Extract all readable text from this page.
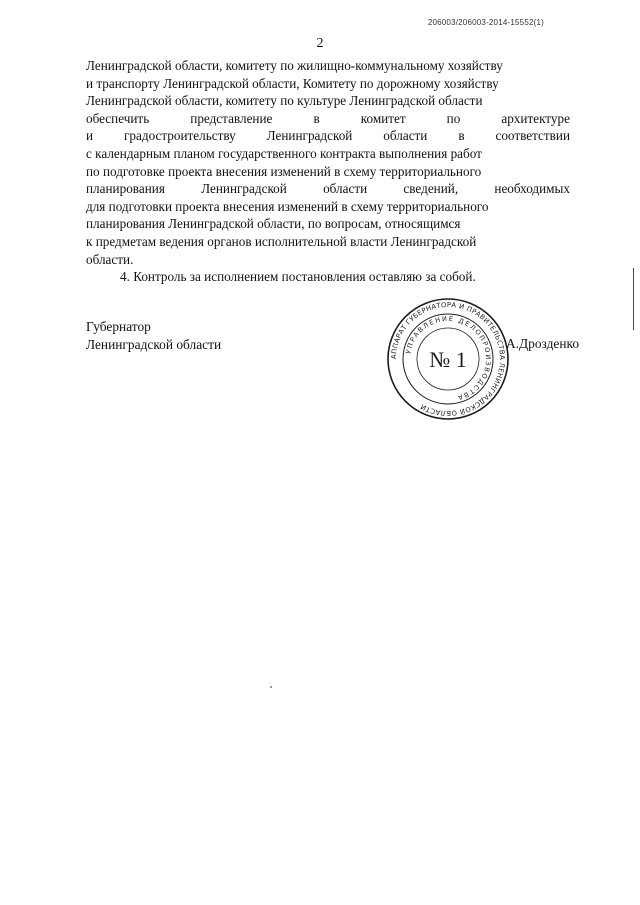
206003/206003-2014-15552(1)
2
Ленинградской области, комитету по жилищно-коммунальному хозяйству
и транспорту Ленинградской области, Комитету по дорожному хозяйству
Ленинградской области, комитету по культуре Ленинградской области
обеспечить	представление	в	комитет	по	архитектуре
и градостроительству Ленинградской области в соответствии
с календарным планом государственного контракта выполнения работ
по подготовке проекта внесения изменений в схему территориального
планирования	Ленинградской	области	сведений,	необходимых
для подготовки проекта внесения изменений в схему территориального
планирования Ленинградской области, по вопросам, относящимся
к предметам ведения органов исполнительной власти Ленинградской
области.
4. Контроль за исполнением постановления оставляю за собой.
Губернатор
Ленинградской области	А.Дрозденко
АППАРАТ ГУБЕРНАТОРА И ПРАВИТЕЛЬСТВА ЛЕНИНГРАДСКОЙ ОБЛАСТИ
УПРАВЛЕНИЕ ДЕЛОПРОИЗВОДСТВА
№ 1
